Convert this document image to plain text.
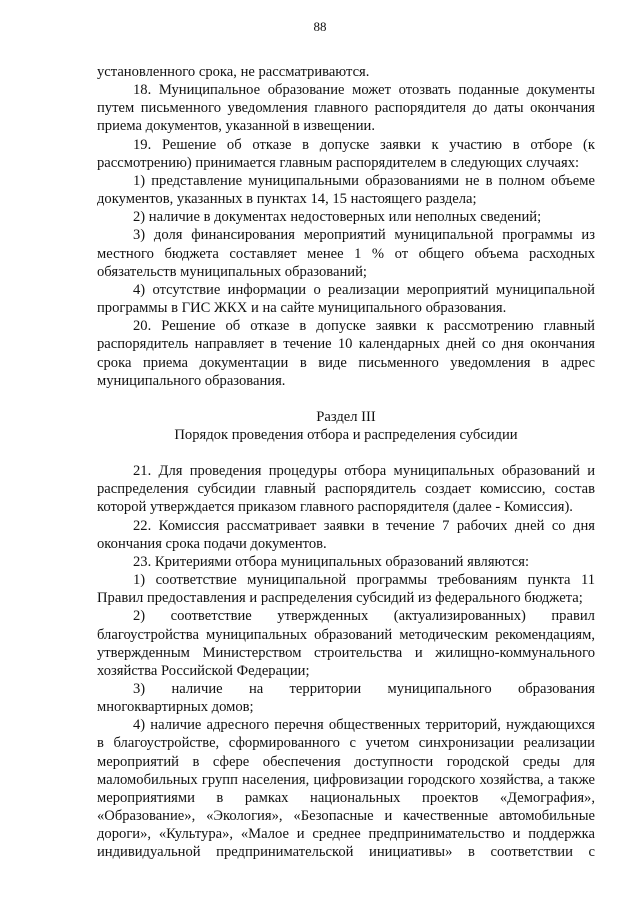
88

установленного срока, не рассматриваются.

18. Муниципальное образование может отозвать поданные документы путем письменного уведомления главного распорядителя до даты окончания приема документов, указанной в извещении.

19. Решение об отказе в допуске заявки к участию в отборе (к рассмотрению) принимается главным распорядителем в следующих случаях:

1) представление муниципальными образованиями не в полном объеме документов, указанных в пунктах 14, 15 настоящего раздела;

2) наличие в документах недостоверных или неполных сведений;

3) доля финансирования мероприятий муниципальной программы из местного бюджета составляет менее 1 % от общего объема расходных обязательств муниципальных образований;

4) отсутствие информации о реализации мероприятий муниципальной программы в ГИС ЖКХ и на сайте муниципального образования.

20. Решение об отказе в допуске заявки к рассмотрению главный распорядитель направляет в течение 10 календарных дней со дня окончания срока приема документации в виде письменного уведомления в адрес муниципального образования.

Раздел III

Порядок проведения отбора и распределения субсидии

21. Для проведения процедуры отбора муниципальных образований и распределения субсидии главный распорядитель создает комиссию, состав которой утверждается приказом главного распорядителя (далее - Комиссия).

22. Комиссия рассматривает заявки в течение 7 рабочих дней со дня окончания срока подачи документов.

23. Критериями отбора муниципальных образований являются:

1) соответствие муниципальной программы требованиям пункта 11 Правил предоставления и распределения субсидий из федерального бюджета;

2) соответствие утвержденных (актуализированных) правил

благоустройства муниципальных образований методическим рекомендациям, утвержденным Министерством строительства и жилищно-коммунального хозяйства Российской Федерации;

3) наличие на территории муниципального образования

многоквартирных домов;

4) наличие адресного перечня общественных территорий, нуждающихся в благоустройстве, сформированного с учетом синхронизации реализации мероприятий в сфере обеспечения доступности городской среды для маломобильных групп населения, цифровизации городского хозяйства, а также мероприятиями в рамках национальных проектов «Демография», «Образование», «Экология», «Безопасные и качественные автомобильные дороги», «Культура», «Малое и среднее предпринимательство и поддержка индивидуальной предпринимательской инициативы» в соответствии с
